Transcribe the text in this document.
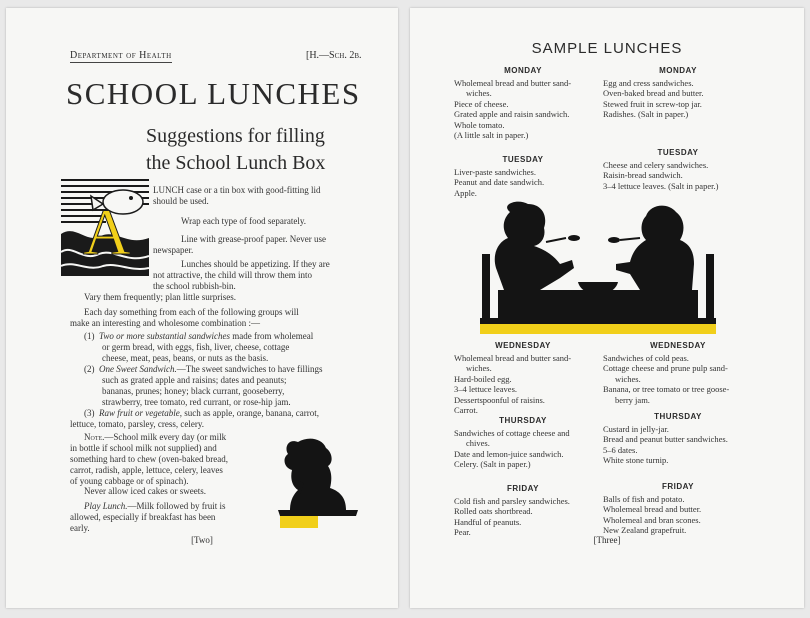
Department of Health	[H.—Sch. 2b.
SCHOOL LUNCHES
Suggestions for filling
the School Lunch Box
A

LUNCH case or a tin box with good-fitting lid

should be used.

Wrap each type of food separately.

Line with grease-proof paper. Never use

newspaper.

Lunches should be appetizing. If they are

not attractive, the child will throw them into

the school rubbish-bin.

Vary them frequently; plan little surprises.

Each day something from each of the following groups will

make an interesting and wholesome combination :—

(1) Two or more substantial sandwiches made from wholemeal

or germ bread, with eggs, fish, liver, cheese, cottage

cheese, meat, peas, beans, or nuts as the basis.

(2) One Sweet Sandwich.—The sweet sandwiches to have fillings

such as grated apple and raisins; dates and peanuts;

bananas, prunes; honey; black currant, gooseberry,

strawberry, tree tomato, red currant, or rose-hip jam.

(3) Raw fruit or vegetable, such as apple, orange, banana, carrot,

lettuce, tomato, parsley, cress, celery.

Note.—School milk every day (or milk

in bottle if school milk not supplied) and

something hard to chew (oven-baked bread,

carrot, radish, apple, lettuce, celery, leaves

of young cabbage or of spinach).

Never allow iced cakes or sweets.

Play Lunch.—Milk followed by fruit is

allowed, especially if breakfast has been

early.

[Two]
SAMPLE LUNCHES
MONDAY
Wholemeal bread and butter sand-
wiches.
Piece of cheese.
Grated apple and raisin sandwich.
Whole tomato.
(A little salt in paper.)
TUESDAY
Liver-paste sandwiches.
Peanut and date sandwich.
Apple.
WEDNESDAY
Wholemeal bread and butter sand-
wiches.
Hard-boiled egg.
3–4 lettuce leaves.
Dessertspoonful of raisins.
Carrot.
THURSDAY
Sandwiches of cottage cheese and
chives.
Date and lemon-juice sandwich.
Celery. (Salt in paper.)
FRIDAY
Cold fish and parsley sandwiches.
Rolled oats shortbread.
Handful of peanuts.
Pear.
MONDAY
Egg and cress sandwiches.
Oven-baked bread and butter.
Stewed fruit in screw-top jar.
Radishes. (Salt in paper.)
TUESDAY
Cheese and celery sandwiches.
Raisin-bread sandwich.
3–4 lettuce leaves. (Salt in paper.)
WEDNESDAY
Sandwiches of cold peas.
Cottage cheese and prune pulp sand-
wiches.
Banana, or tree tomato or tree goose-
berry jam.
THURSDAY
Custard in jelly-jar.
Bread and peanut butter sandwiches.
5–6 dates.
White stone turnip.
FRIDAY
Balls of fish and potato.
Wholemeal bread and butter.
Wholemeal and bran scones.
New Zealand grapefruit.
[Three]
